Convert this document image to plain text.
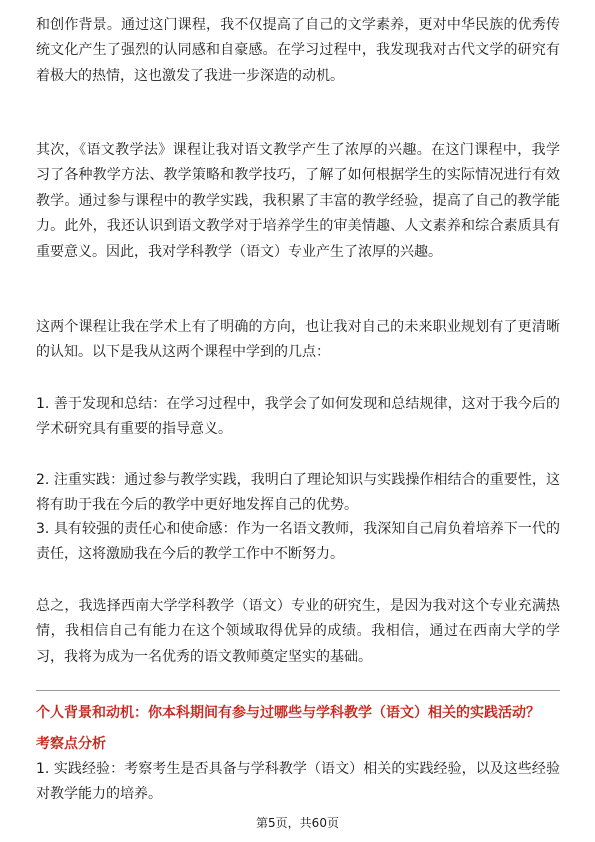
和创作背景。通过这门课程，我不仅提高了自己的文学素养，更对中华民族的优秀传统文化产生了强烈的认同感和自豪感。在学习过程中，我发现我对古代文学的研究有着极大的热情，这也激发了我进一步深造的动机。

其次，《语文教学法》课程让我对语文教学产生了浓厚的兴趣。在这门课程中，我学习了各种教学方法、教学策略和教学技巧，了解了如何根据学生的实际情况进行有效教学。通过参与课程中的教学实践，我积累了丰富的教学经验，提高了自己的教学能力。此外，我还认识到语文教学对于培养学生的审美情趣、人文素养和综合素质具有重要意义。因此，我对学科教学（语文）专业产生了浓厚的兴趣。

这两个课程让我在学术上有了明确的方向，也让我对自己的未来职业规划有了更清晰的认知。以下是我从这两个课程中学到的几点：

1. 善于发现和总结：在学习过程中，我学会了如何发现和总结规律，这对于我今后的学术研究具有重要的指导意义。

2. 注重实践：通过参与教学实践，我明白了理论知识与实践操作相结合的重要性，这将有助于我在今后的教学中更好地发挥自己的优势。

3. 具有较强的责任心和使命感：作为一名语文教师，我深知自己肩负着培养下一代的责任，这将激励我在今后的教学工作中不断努力。

总之，我选择西南大学学科教学（语文）专业的研究生，是因为我对这个专业充满热情，我相信自己有能力在这个领域取得优异的成绩。我相信，通过在西南大学的学习，我将为成为一名优秀的语文教师奠定坚实的基础。

个人背景和动机：你本科期间有参与过哪些与学科教学（语文）相关的实践活动？

考察点分析

1. 实践经验：考察考生是否具备与学科教学（语文）相关的实践经验，以及这些经验对教学能力的培养。

第5页，共60页
